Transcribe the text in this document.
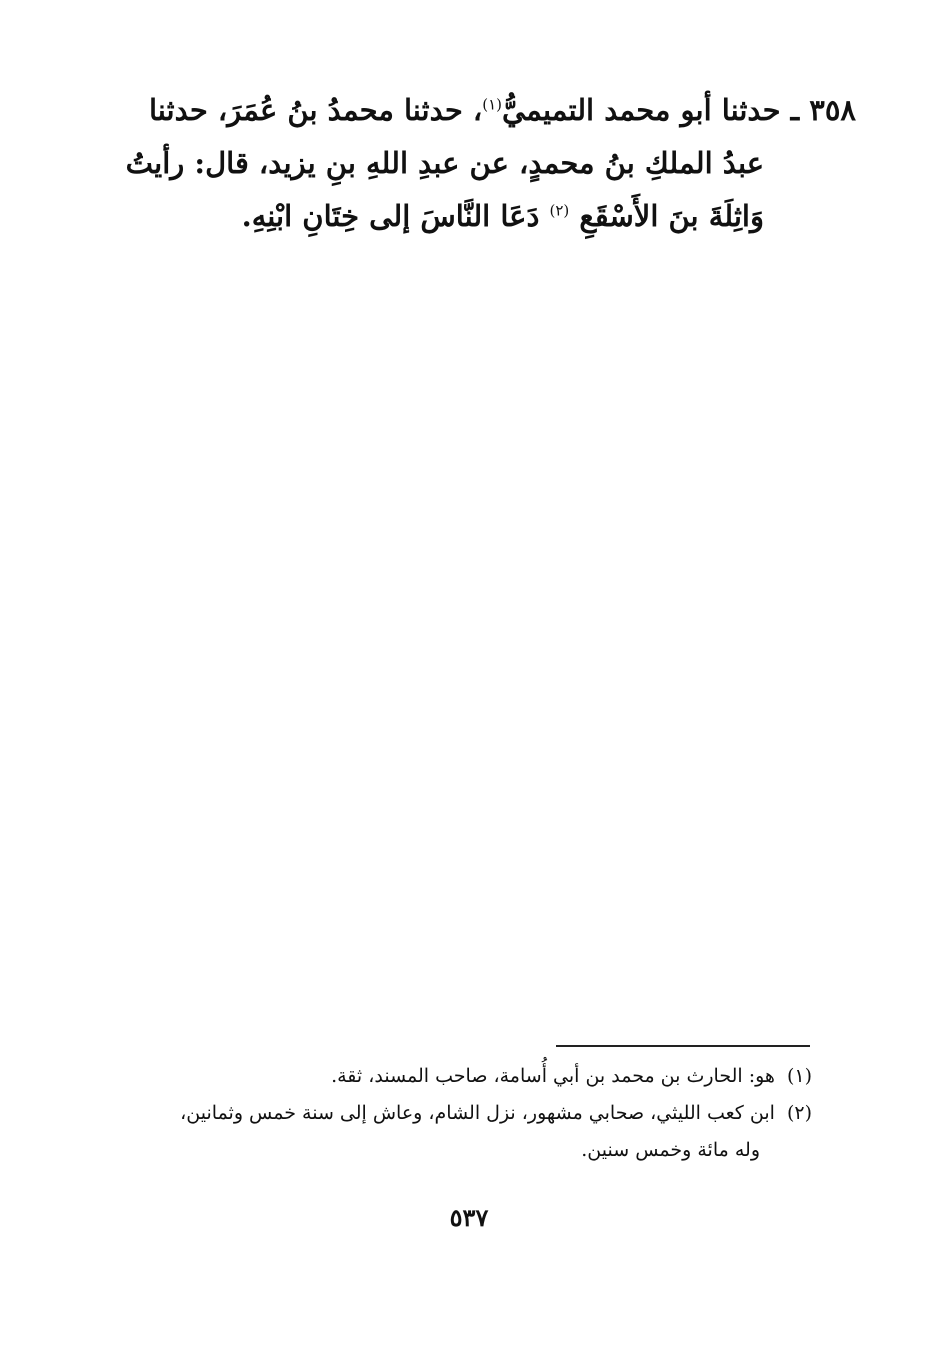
٣٥٨ ـ حدثنا أبو محمد التميميُّ$^{(١)}$، حدثنا محمدُ بنُ عُمَرَ، حدثنا
عبدُ الملكِ بنُ محمدٍ، عن عبدِ اللهِ بنِ يزيد، قال: رأيتُ
وَاثِلَةَ بنَ الأَسْقَعِ $^{(٢)}$ دَعَا النَّاسَ إلى خِتَانِ ابْنِهِ.
(١)هو: الحارث بن محمد بن أبي أُسامة، صاحب المسند، ثقة.
(٢)ابن كعب الليثي، صحابي مشهور، نزل الشام، وعاش إلى سنة خمس وثمانين،
وله مائة وخمس سنين.
٥٣٧
